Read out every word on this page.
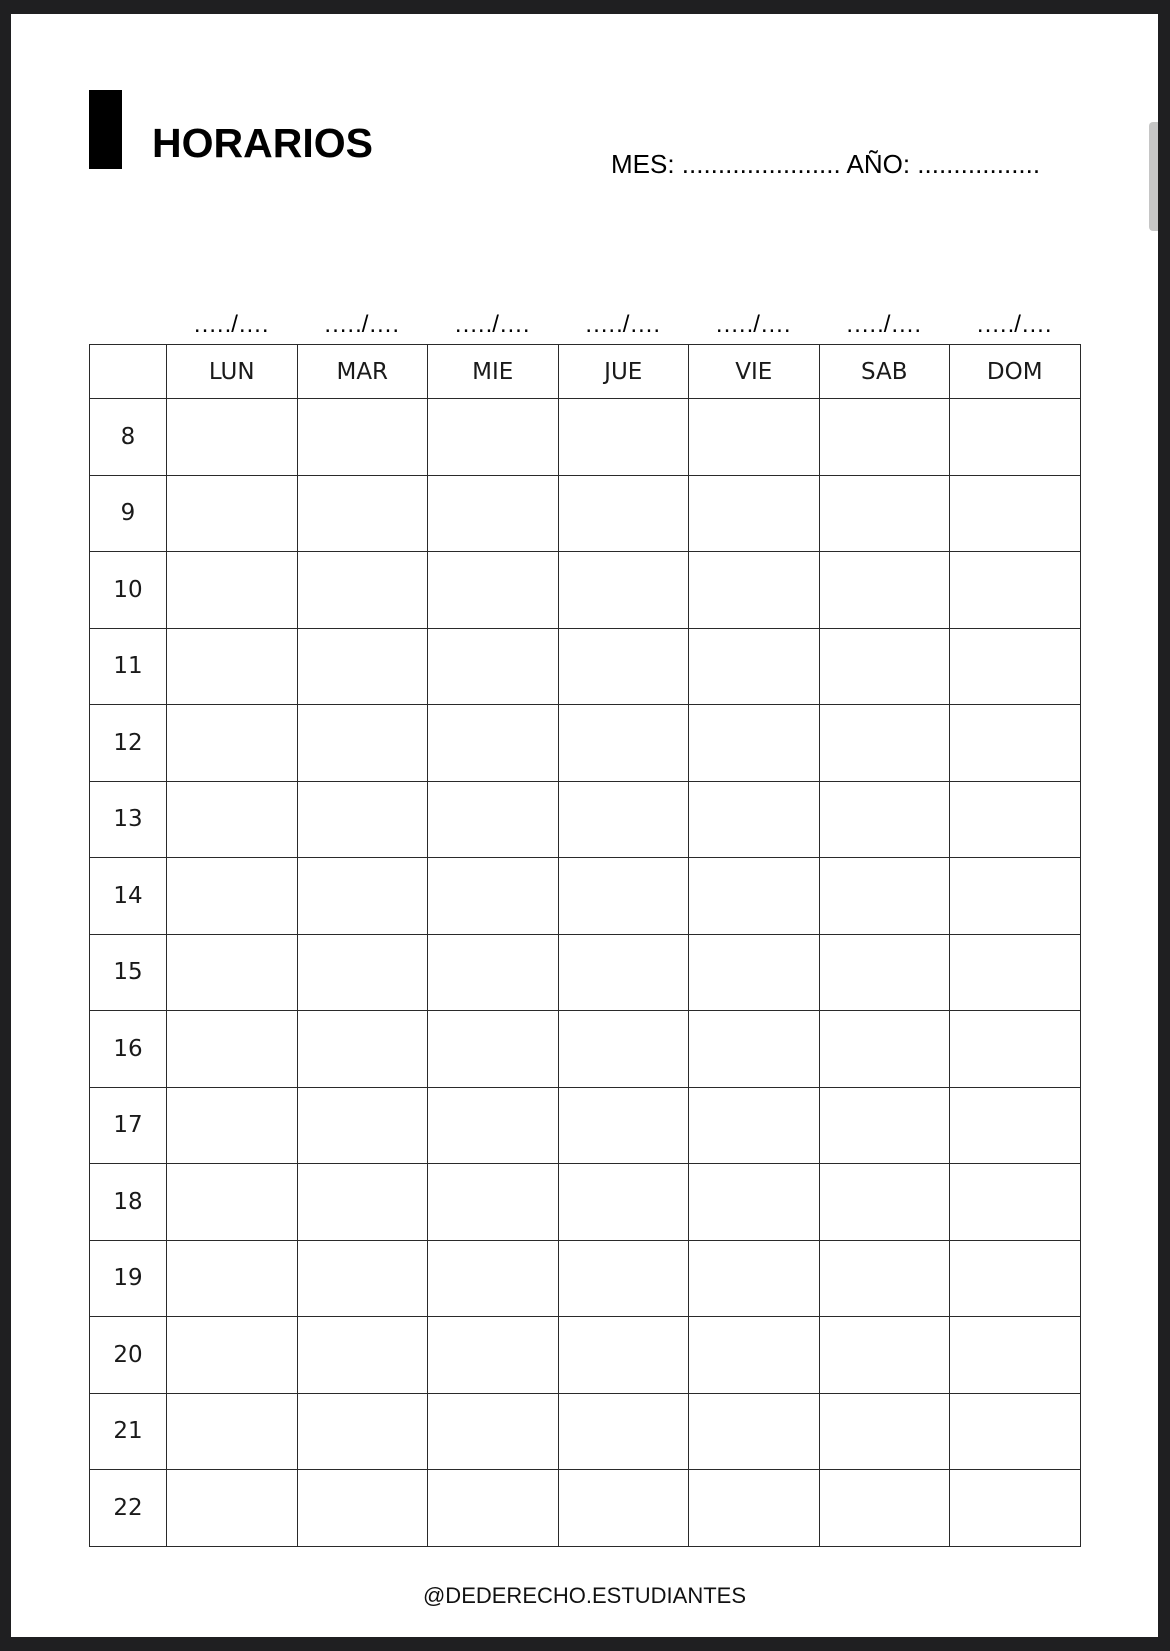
HORARIOS	MES: ...................... AÑO: .................
.…./….	.…./….	.…./….	.…./….	.…./….	.…./….	.…./….
	LUN	MAR	MIE	JUE	VIE	SAB	DOM
8							
9							
10							
11							
12							
13							
14							
15							
16							
17							
18							
19							
20							
21							
22							
@DEDERECHO.ESTUDIANTES
